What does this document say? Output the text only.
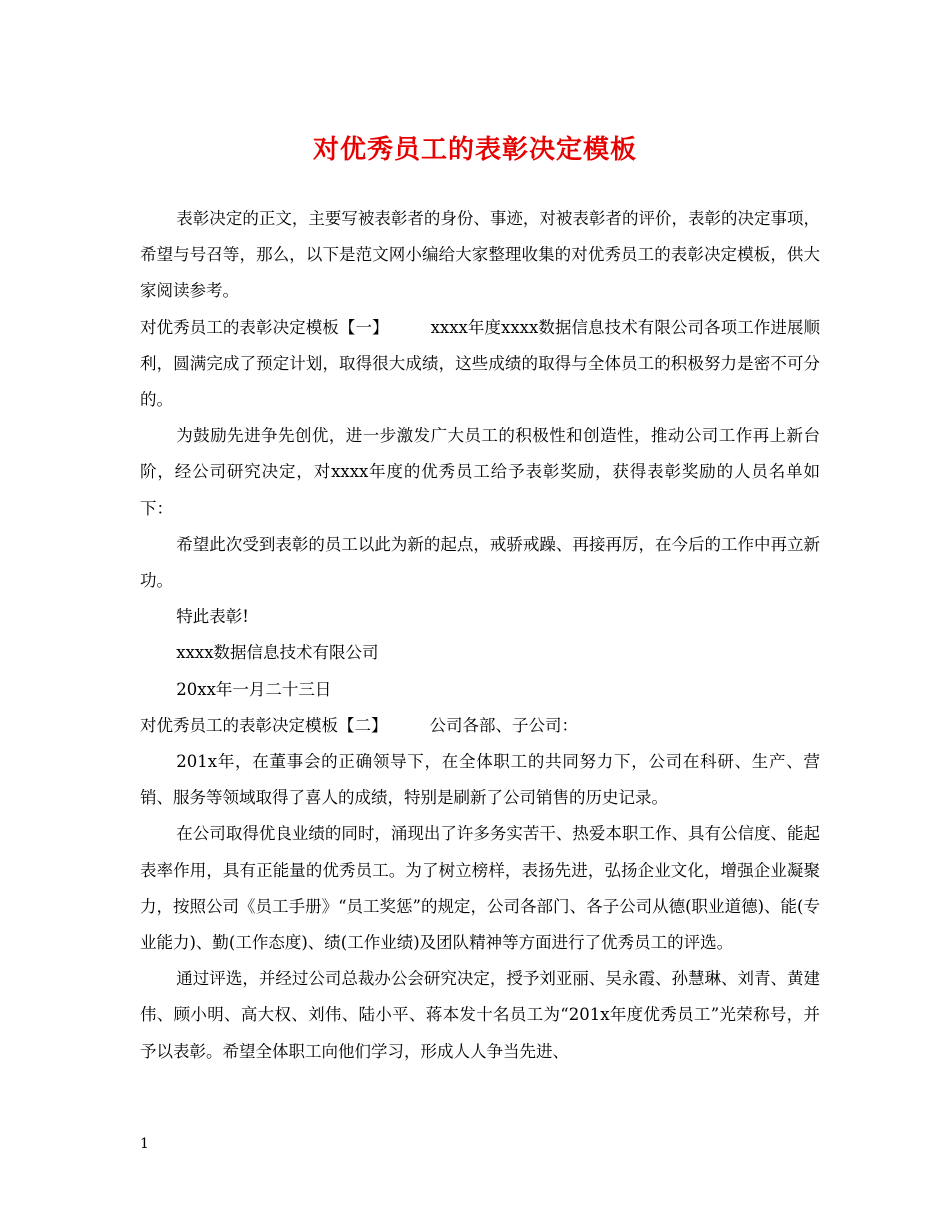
对优秀员工的表彰决定模板

表彰决定的正文，主要写被表彰者的身份、事迹，对被表彰者的评价，表彰的决定事项，希望与号召等，那么，以下是范文网小编给大家整理收集的对优秀员工的表彰决定模板，供大家阅读参考。

对优秀员工的表彰决定模板【一】	xxxx年度xxxx数据信息技术有限公司各项工作进展顺利，圆满完成了预定计划，取得很大成绩，这些成绩的取得与全体员工的积极努力是密不可分的。

为鼓励先进争先创优，进一步激发广大员工的积极性和创造性，推动公司工作再上新台阶，经公司研究决定，对xxxx年度的优秀员工给予表彰奖励，获得表彰奖励的人员名单如下：

希望此次受到表彰的员工以此为新的起点，戒骄戒躁、再接再厉，在今后的工作中再立新功。

特此表彰!

xxxx数据信息技术有限公司

20xx年一月二十三日

对优秀员工的表彰决定模板【二】	公司各部、子公司：

201x年，在董事会的正确领导下，在全体职工的共同努力下，公司在科研、生产、营销、服务等领域取得了喜人的成绩，特别是刷新了公司销售的历史记录。

在公司取得优良业绩的同时，涌现出了许多务实苦干、热爱本职工作、具有公信度、能起表率作用，具有正能量的优秀员工。为了树立榜样，表扬先进，弘扬企业文化，增强企业凝聚力，按照公司《员工手册》“员工奖惩”的规定，公司各部门、各子公司从德(职业道德)、能(专业能力)、勤(工作态度)、绩(工作业绩)及团队精神等方面进行了优秀员工的评选。

通过评选，并经过公司总裁办公会研究决定，授予刘亚丽、吴永霞、孙慧琳、刘青、黄建伟、顾小明、高大权、刘伟、陆小平、蒋本发十名员工为“201x年度优秀员工”光荣称号，并予以表彰。希望全体职工向他们学习，形成人人争当先进、

1
